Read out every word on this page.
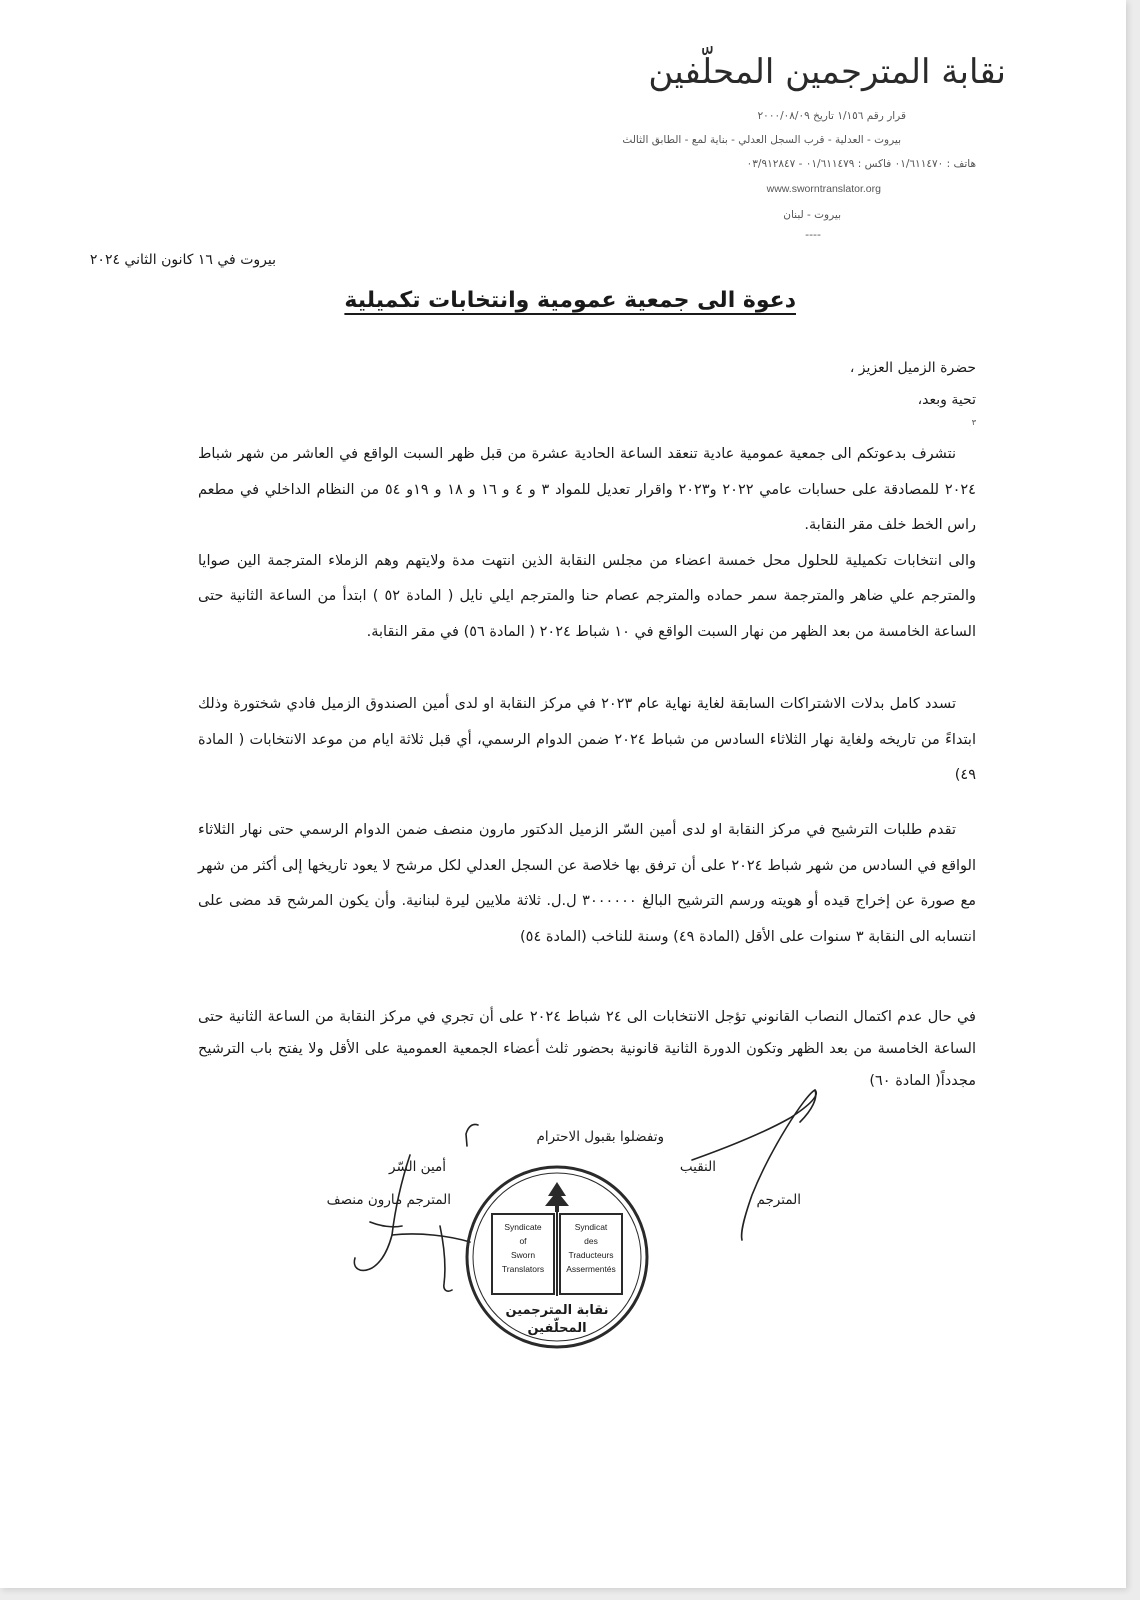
نقابة المترجمين المحلّفين
قرار رقم ١/١٥٦ تاريخ ٢٠٠٠/٠٨/٠٩
بيروت - العدلية - قرب السجل العدلي - بناية لمع - الطابق الثالث
هاتف : ٠١/٦١١٤٧٠ فاكس : ٠١/٦١١٤٧٩ - ٠٣/٩١٢٨٤٧
www.sworntranslator.org
بيروت - لبنان
----
بيروت في ١٦ كانون الثاني ٢٠٢٤
دعوة الى جمعية عمومية وانتخابات تكميلية
حضرة الزميل العزيز ،
تحية وبعد،
٣
نتشرف بدعوتكم الى جمعية عمومية عادية تنعقد الساعة الحادية عشرة من قبل ظهر السبت الواقع في العاشر من شهر شباط ٢٠٢٤ للمصادقة على حسابات عامي ٢٠٢٢ و٢٠٢٣ واقرار تعديل للمواد ٣ و ٤ و ١٦ و ١٨ و ١٩و ٥٤ من النظام الداخلي في مطعم راس الخط خلف مقر النقابة.
والى انتخابات تكميلية للحلول محل خمسة اعضاء من مجلس النقابة الذين انتهت مدة ولايتهم وهم الزملاء المترجمة الين صوايا والمترجم علي ضاهر والمترجمة سمر حماده والمترجم عصام حنا والمترجم ايلي نايل ( المادة ٥٢ ) ابتدأ من الساعة الثانية حتى الساعة الخامسة من بعد الظهر من نهار السبت الواقع في ١٠ شباط ٢٠٢٤ ( المادة ٥٦) في مقر النقابة.
تسدد كامل بدلات الاشتراكات السابقة لغاية نهاية عام ٢٠٢٣ في مركز النقابة او لدى أمين الصندوق الزميل فادي شختورة وذلك ابتداءً من تاريخه ولغاية نهار الثلاثاء السادس من شباط ٢٠٢٤ ضمن الدوام الرسمي، أي قبل ثلاثة ايام من موعد الانتخابات ( المادة ٤٩)
تقدم طلبات الترشيح في مركز النقابة او لدى أمين السّر الزميل الدكتور مارون منصف ضمن الدوام الرسمي حتى نهار الثلاثاء الواقع في السادس من شهر شباط ٢٠٢٤ على أن ترفق بها خلاصة عن السجل العدلي لكل مرشح لا يعود تاريخها إلى أكثر من شهر مع صورة عن إخراج قيده أو هويته ورسم الترشيح البالغ ٣٠٠٠٠٠٠ ل.ل. ثلاثة ملايين ليرة لبنانية. وأن يكون المرشح قد مضى على انتسابه الى النقابة ٣ سنوات على الأقل (المادة ٤٩) وسنة للناخب (المادة ٥٤)
في حال عدم اكتمال النصاب القانوني تؤجل الانتخابات الى ٢٤ شباط ٢٠٢٤ على أن تجري في مركز النقابة من الساعة الثانية حتى الساعة الخامسة من بعد الظهر وتكون الدورة الثانية قانونية بحضور ثلث أعضاء الجمعية العمومية على الأقل ولا يفتح باب الترشيح مجدداً( المادة ٦٠)
وتفضلوا بقبول الاحترام
النقيب
المترجم
أمين السّر
المترجم مارون منصف
Syndicate
of
Sworn
Translators
Syndicat
des
Traducteurs
Assermentés
نقابة المترجمين
المحلّفين
